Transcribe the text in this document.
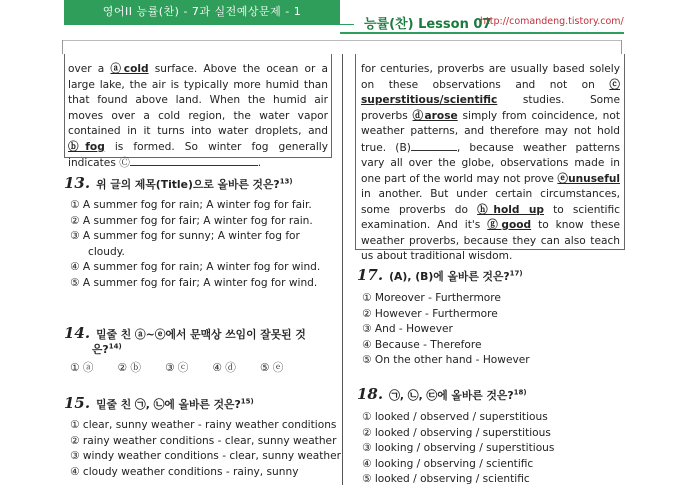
영어II 능률(찬) - 7과 실전예상문제 - 1
능률(찬) Lesson 07
http://comandeng.tistory.com/
over a ⓐcold surface. Above the ocean or a large lake, the air is typically more humid than that found above land. When the humid air moves over a cold region, the water vapor contained in it turns into water droplets, and ⓑfog is formed. So winter fog generally indicates Ⓒ	.
for centuries, proverbs are usually based solely on these observations and not on ⓒ superstitious/scientific studies. Some proverbs ⓓarose simply from coincidence, not weather patterns, and therefore may not hold true. (B)	, because weather patterns vary all over the globe, observations made in one part of the world may not prove ⓔunuseful in another. But under certain circumstances, some proverbs do ⓗhold up to scientific examination. And it's ⓖgood to know these weather proverbs, because they can also teach us about traditional wisdom.
13. 위 글의 제목(Title)으로 올바른 것은?$^{13)}$
① A summer fog for rain; A winter fog for fair.
② A summer fog for fair; A winter fog for rain.
③ A summer fog for sunny; A winter fog for
cloudy.
④ A summer fog for rain; A winter fog for wind.
⑤ A summer fog for fair; A winter fog for wind.
14. 밑줄 친 ⓐ~ⓔ에서 문맥상 쓰임이 잘못된 것
은?$^{14)}$
① ⓐ ② ⓑ ③ ⓒ ④ ⓓ ⑤ ⓔ
15. 밑줄 친 ㉠, ㉡에 올바른 것은?$^{15)}$
① clear, sunny weather - rainy weather conditions
② rainy weather conditions - clear, sunny weather
③ windy weather conditions - clear, sunny weather
④ cloudy weather conditions - rainy, sunny
17. (A), (B)에 올바른 것은?$^{17)}$
① Moreover - Furthermore
② However - Furthermore
③ And - However
④ Because - Therefore
⑤ On the other hand - However
18. ㉠, ㉡, ㉢에 올바른 것은?$^{18)}$
① looked / observed / superstitious
② looked / observing / superstitious
③ looking / observing / superstitious
④ looking / observing / scientific
⑤ looked / observing / scientific
